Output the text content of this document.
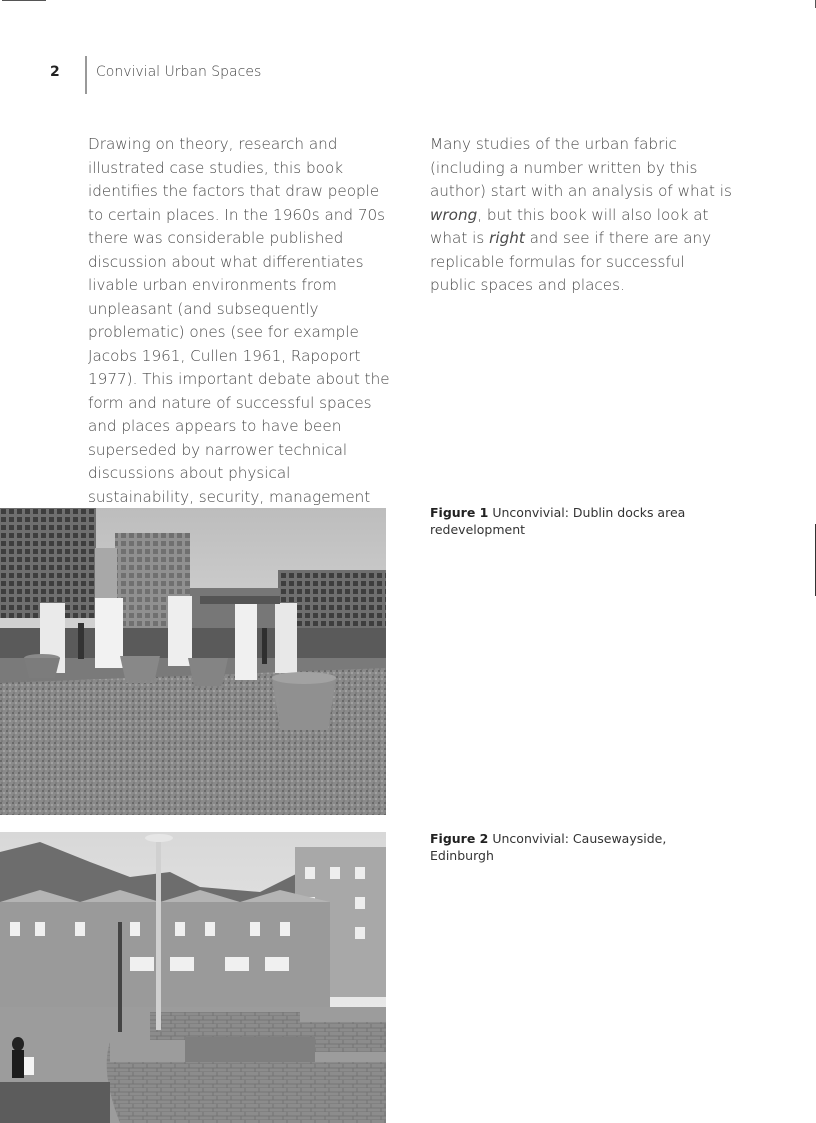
2	Convivial Urban Spaces

Drawing on theory, research and illustrated case studies, this book identifies the factors that draw people to certain places. In the 1960s and 70s there was considerable published discussion about what differentiates livable urban environments from unpleasant (and subsequently problematic) ones (see for example Jacobs 1961, Cullen 1961, Rapoport 1977). This important debate about the form and nature of successful spaces and places appears to have been superseded by narrower technical discussions about physical sustainability, security, management

Many studies of the urban fabric (including a number written by this author) start with an analysis of what is wrong, but this book will also look at what is right and see if there are any replicable formulas for successful public spaces and places.

Figure 1 Unconvivial: Dublin docks area redevelopment
Figure 2 Unconvivial: Causewayside, Edinburgh
